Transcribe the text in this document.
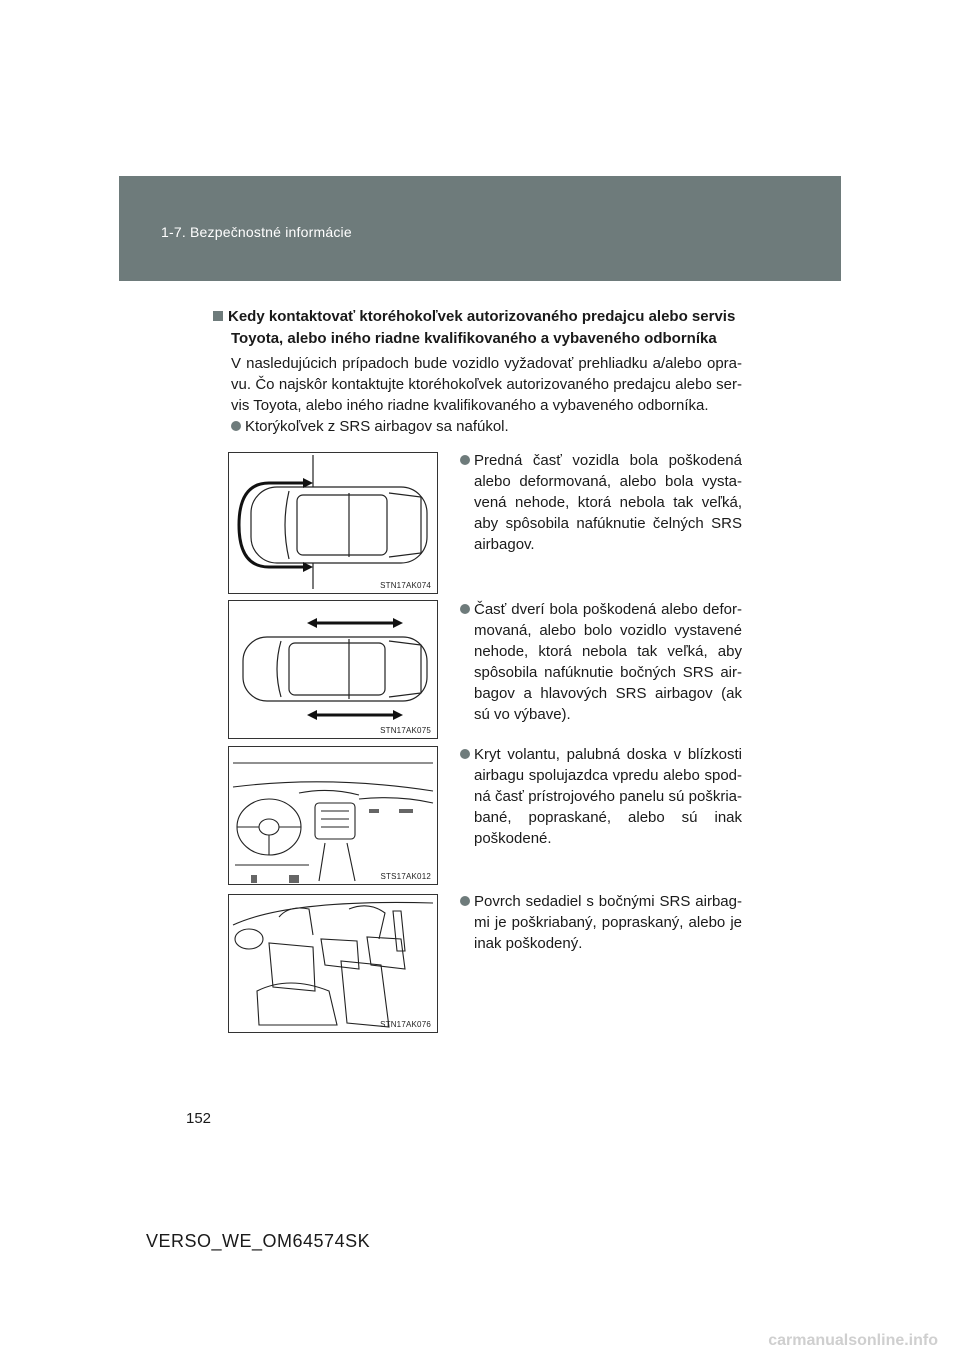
1-7. Bezpečnostné informácie
Kedy kontaktovať ktoréhokoľvek autorizovaného predajcu alebo servis
Toyota, alebo iného riadne kvalifikovaného a vybaveného odborníka
V nasledujúcich prípadoch bude vozidlo vyžadovať prehliadku a/alebo opra-
vu. Čo najskôr kontaktujte ktoréhokoľvek autorizovaného predajcu alebo ser-
vis Toyota, alebo iného riadne kvalifikovaného a vybaveného odborníka.
Ktorýkoľvek z SRS airbagov sa nafúkol.
STN17AK074
Predná časť vozidla bola poškodená
alebo deformovaná, alebo bola vysta-
vená nehode, ktorá nebola tak veľká,
aby spôsobila nafúknutie čelných SRS
airbagov.
STN17AK075
Časť dverí bola poškodená alebo defor-
movaná, alebo bolo vozidlo vystavené
nehode, ktorá nebola tak veľká, aby
spôsobila nafúknutie bočných SRS air-
bagov a hlavových SRS airbagov (ak
sú vo výbave).
STS17AK012
Kryt volantu, palubná doska v blízkosti
airbagu spolujazdca vpredu alebo spod-
ná časť prístrojového panelu sú poškria-
bané, popraskané, alebo sú inak
poškodené.
STN17AK076
Povrch sedadiel s bočnými SRS airbag-
mi je poškriabaný, popraskaný, alebo je
inak poškodený.
152
VERSO_WE_OM64574SK
carmanualsonline.info
